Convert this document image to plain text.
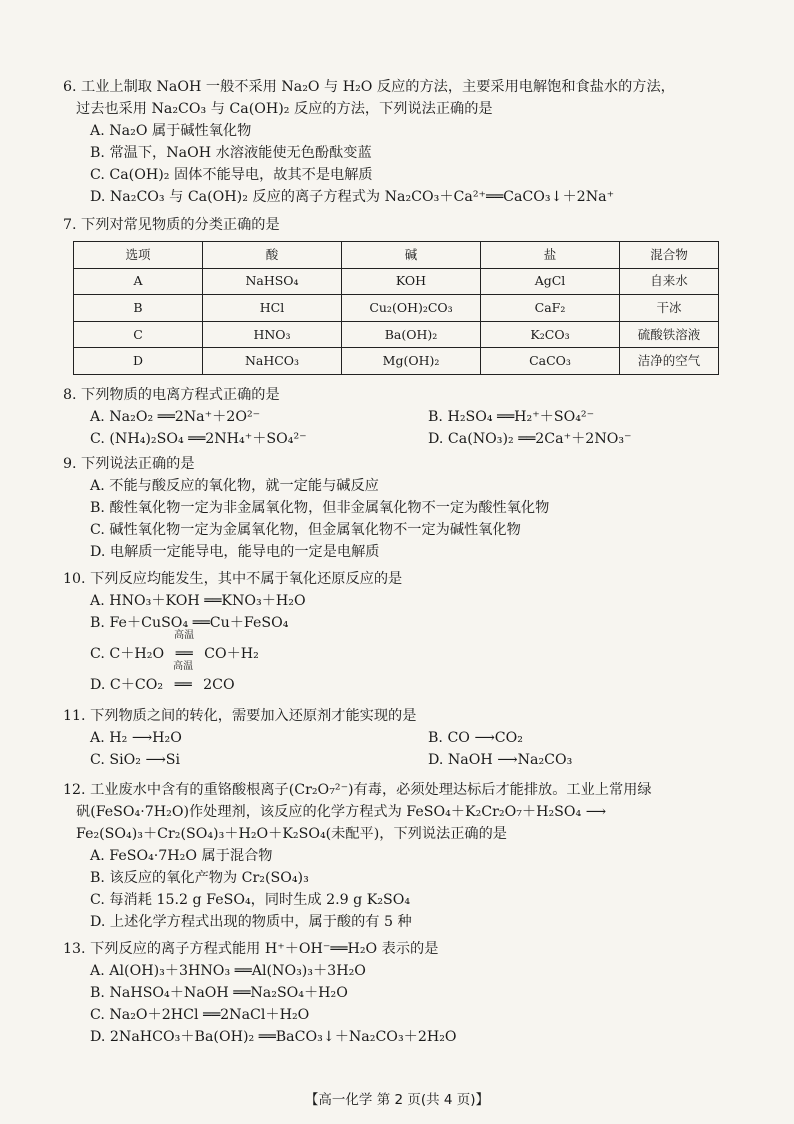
6. 工业上制取 NaOH 一般不采用 Na₂O 与 H₂O 反应的方法，主要采用电解饱和食盐水的方法，
过去也采用 Na₂CO₃ 与 Ca(OH)₂ 反应的方法，下列说法正确的是
A. Na₂O 属于碱性氧化物
B. 常温下，NaOH 水溶液能使无色酚酞变蓝
C. Ca(OH)₂ 固体不能导电，故其不是电解质
D. Na₂CO₃ 与 Ca(OH)₂ 反应的离子方程式为 Na₂CO₃＋Ca²⁺══CaCO₃↓＋2Na⁺
7. 下列对常见物质的分类正确的是
选项	酸	碱	盐	混合物
A	NaHSO₄	KOH	AgCl	自来水
B	HCl	Cu₂(OH)₂CO₃	CaF₂	干冰
C	HNO₃	Ba(OH)₂	K₂CO₃	硫酸铁溶液
D	NaHCO₃	Mg(OH)₂	CaCO₃	洁净的空气
8. 下列物质的电离方程式正确的是
A. Na₂O₂ ══2Na⁺＋2O²⁻	B. H₂SO₄ ══H₂⁺＋SO₄²⁻
C. (NH₄)₂SO₄ ══2NH₄⁺＋SO₄²⁻	D. Ca(NO₃)₂ ══2Ca⁺＋2NO₃⁻
9. 下列说法正确的是
A. 不能与酸反应的氧化物，就一定能与碱反应
B. 酸性氧化物一定为非金属氧化物，但非金属氧化物不一定为酸性氧化物
C. 碱性氧化物一定为金属氧化物，但金属氧化物不一定为碱性氧化物
D. 电解质一定能导电，能导电的一定是电解质
10. 下列反应均能发生，其中不属于氧化还原反应的是
A. HNO₃＋KOH ══KNO₃＋H₂O
B. Fe＋CuSO₄ ══Cu＋FeSO₄
C. C＋H₂O
高温
══ CO＋H₂
D. C＋CO₂
高温
══ 2CO
11. 下列物质之间的转化，需要加入还原剂才能实现的是
A. H₂ ⟶H₂O	B. CO ⟶CO₂
C. SiO₂ ⟶Si	D. NaOH ⟶Na₂CO₃
12. 工业废水中含有的重铬酸根离子(Cr₂O₇²⁻)有毒，必须处理达标后才能排放。工业上常用绿
矾(FeSO₄·7H₂O)作处理剂，该反应的化学方程式为 FeSO₄＋K₂Cr₂O₇＋H₂SO₄ ⟶
Fe₂(SO₄)₃＋Cr₂(SO₄)₃＋H₂O＋K₂SO₄(未配平)，下列说法正确的是
A. FeSO₄·7H₂O 属于混合物
B. 该反应的氧化产物为 Cr₂(SO₄)₃
C. 每消耗 15.2 g FeSO₄，同时生成 2.9 g K₂SO₄
D. 上述化学方程式出现的物质中，属于酸的有 5 种
13. 下列反应的离子方程式能用 H⁺＋OH⁻══H₂O 表示的是
A. Al(OH)₃＋3HNO₃ ══Al(NO₃)₃＋3H₂O
B. NaHSO₄＋NaOH ══Na₂SO₄＋H₂O
C. Na₂O＋2HCl ══2NaCl＋H₂O
D. 2NaHCO₃＋Ba(OH)₂ ══BaCO₃↓＋Na₂CO₃＋2H₂O
【高一化学 第 2 页(共 4 页)】
